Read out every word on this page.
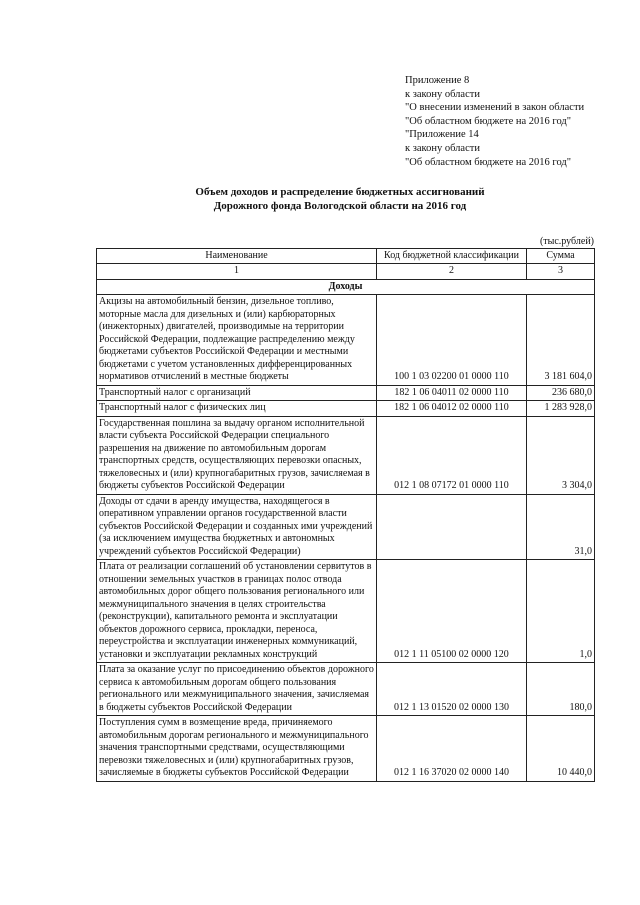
Приложение 8
к закону области
"О внесении изменений в закон области
"Об областном бюджете на 2016 год"
"Приложение 14
к закону области
"Об областном бюджете на 2016 год"
Объем доходов и распределение бюджетных ассигнований
Дорожного фонда Вологодской области на 2016 год
(тыс.рублей)
Наименование	Код бюджетной классификации	Сумма
1	2	3
Доходы		
Акцизы на автомобильный бензин, дизельное топливо, моторные масла для дизельных и (или) карбюраторных (инжекторных) двигателей, производимые на территории Российской Федерации, подлежащие распределению между бюджетами субъектов Российской Федерации и местными бюджетами с учетом установленных дифференцированных нормативов отчислений в местные бюджеты	100 1 03 02200 01 0000 110	3 181 604,0
Транспортный налог с организаций	182 1 06 04011 02 0000 110	236 680,0
Транспортный налог с физических лиц	182 1 06 04012 02 0000 110	1 283 928,0
Государственная пошлина за выдачу органом исполнительной власти субъекта Российской Федерации специального разрешения на движение по автомобильным дорогам транспортных средств, осуществляющих перевозки опасных, тяжеловесных и (или) крупногабаритных грузов, зачисляемая в бюджеты субъектов Российской Федерации	012 1 08 07172 01 0000 110	3 304,0
Доходы от сдачи в аренду имущества, находящегося в оперативном управлении органов государственной власти субъектов Российской Федерации и созданных ими учреждений (за исключением имущества бюджетных и автономных учреждений субъектов Российской Федерации)		31,0
Плата от реализации соглашений об установлении сервитутов в отношении земельных участков в границах полос отвода автомобильных дорог общего пользования регионального или межмуниципального значения в целях строительства (реконструкции), капитального ремонта и эксплуатации объектов дорожного сервиса, прокладки, переноса, переустройства и эксплуатации инженерных коммуникаций, установки и эксплуатации рекламных конструкций	012 1 11 05100 02 0000 120	1,0
Плата за оказание услуг по присоединению объектов дорожного сервиса к автомобильным дорогам общего пользования регионального или межмуниципального значения, зачисляемая в бюджеты субъектов Российской Федерации	012 1 13 01520 02 0000 130	180,0
Поступления сумм в возмещение вреда, причиняемого автомобильным дорогам регионального и межмуниципального значения транспортными средствами, осуществляющими перевозки тяжеловесных и (или) крупногабаритных грузов, зачисляемые в бюджеты субъектов Российской Федерации	012 1 16 37020 02 0000 140	10 440,0
